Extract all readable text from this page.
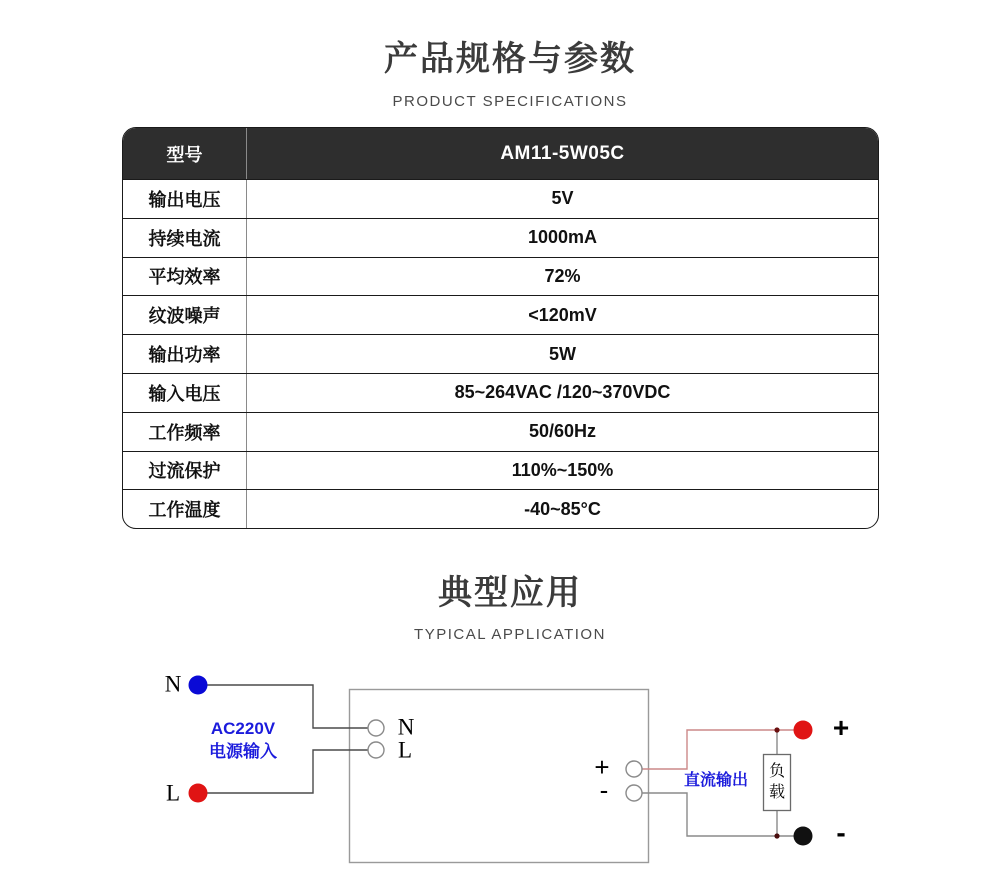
产品规格与参数
PRODUCT SPECIFICATIONS
型号	AM11-5W05C
输出电压	5V
持续电流	1000mA
平均效率	72%
纹波噪声	<120mV
输出功率	5W
输入电压	85~264VAC /120~370VDC
工作频率	50/60Hz
过流保护	110%~150%
工作温度	-40~85°C
典型应用
TYPICAL APPLICATION
N
L
AC220V
电源输入
N
L
+
-	直流输出
负载
+
-
